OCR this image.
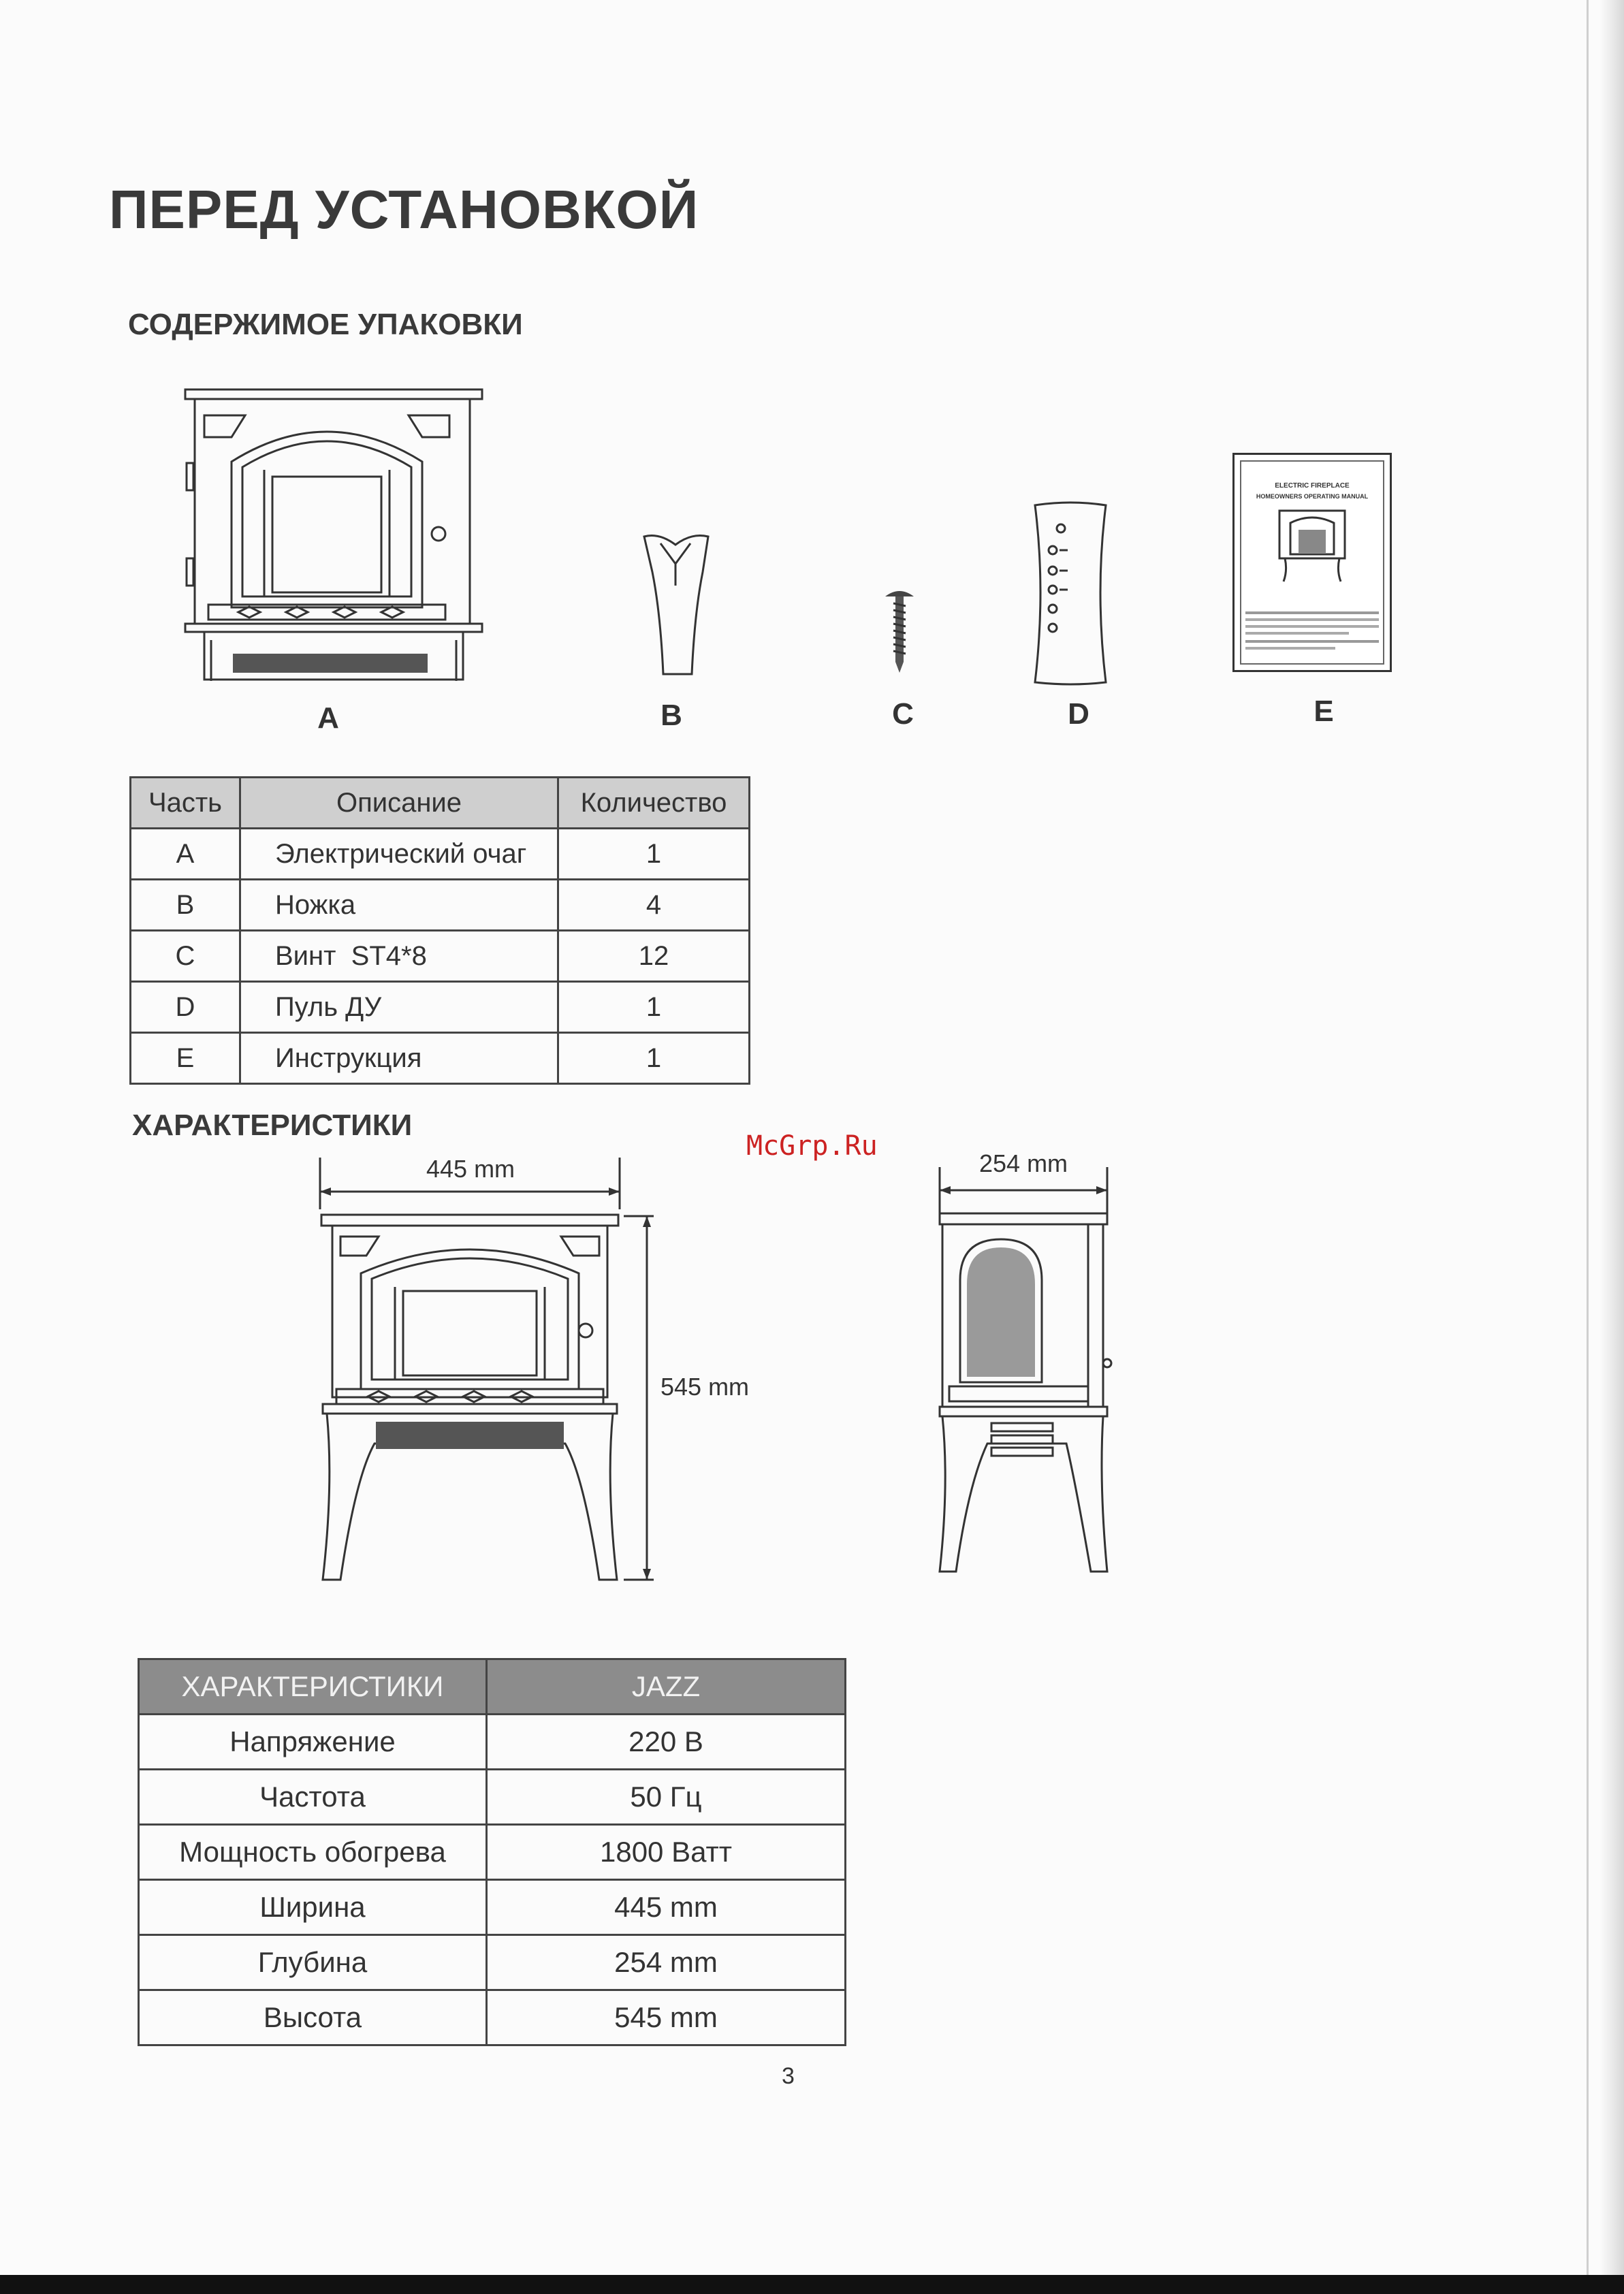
ПЕРЕД УСТАНОВКОЙ
СОДЕРЖИМОЕ УПАКОВКИ
ELECTRIC FIREPLACE
HOMEOWNERS OPERATING MANUAL
A	B	C	D	E
Часть	Описание	Количество
A	Электрический очаг	1
B	Ножка	4
C	Винт  ST4*8	12
D	Пуль ДУ	1
E	Инструкция	1
ХАРАКТЕРИСТИКИ
McGrp.Ru
445 mm
545 mm
254 mm
ХАРАКТЕРИСТИКИ	JAZZ
Напряжение	220 В
Частота	50 Гц
Мощность обогрева	1800 Ватт
Ширина	445 mm
Глубина	254 mm
Высота	545 mm
3
